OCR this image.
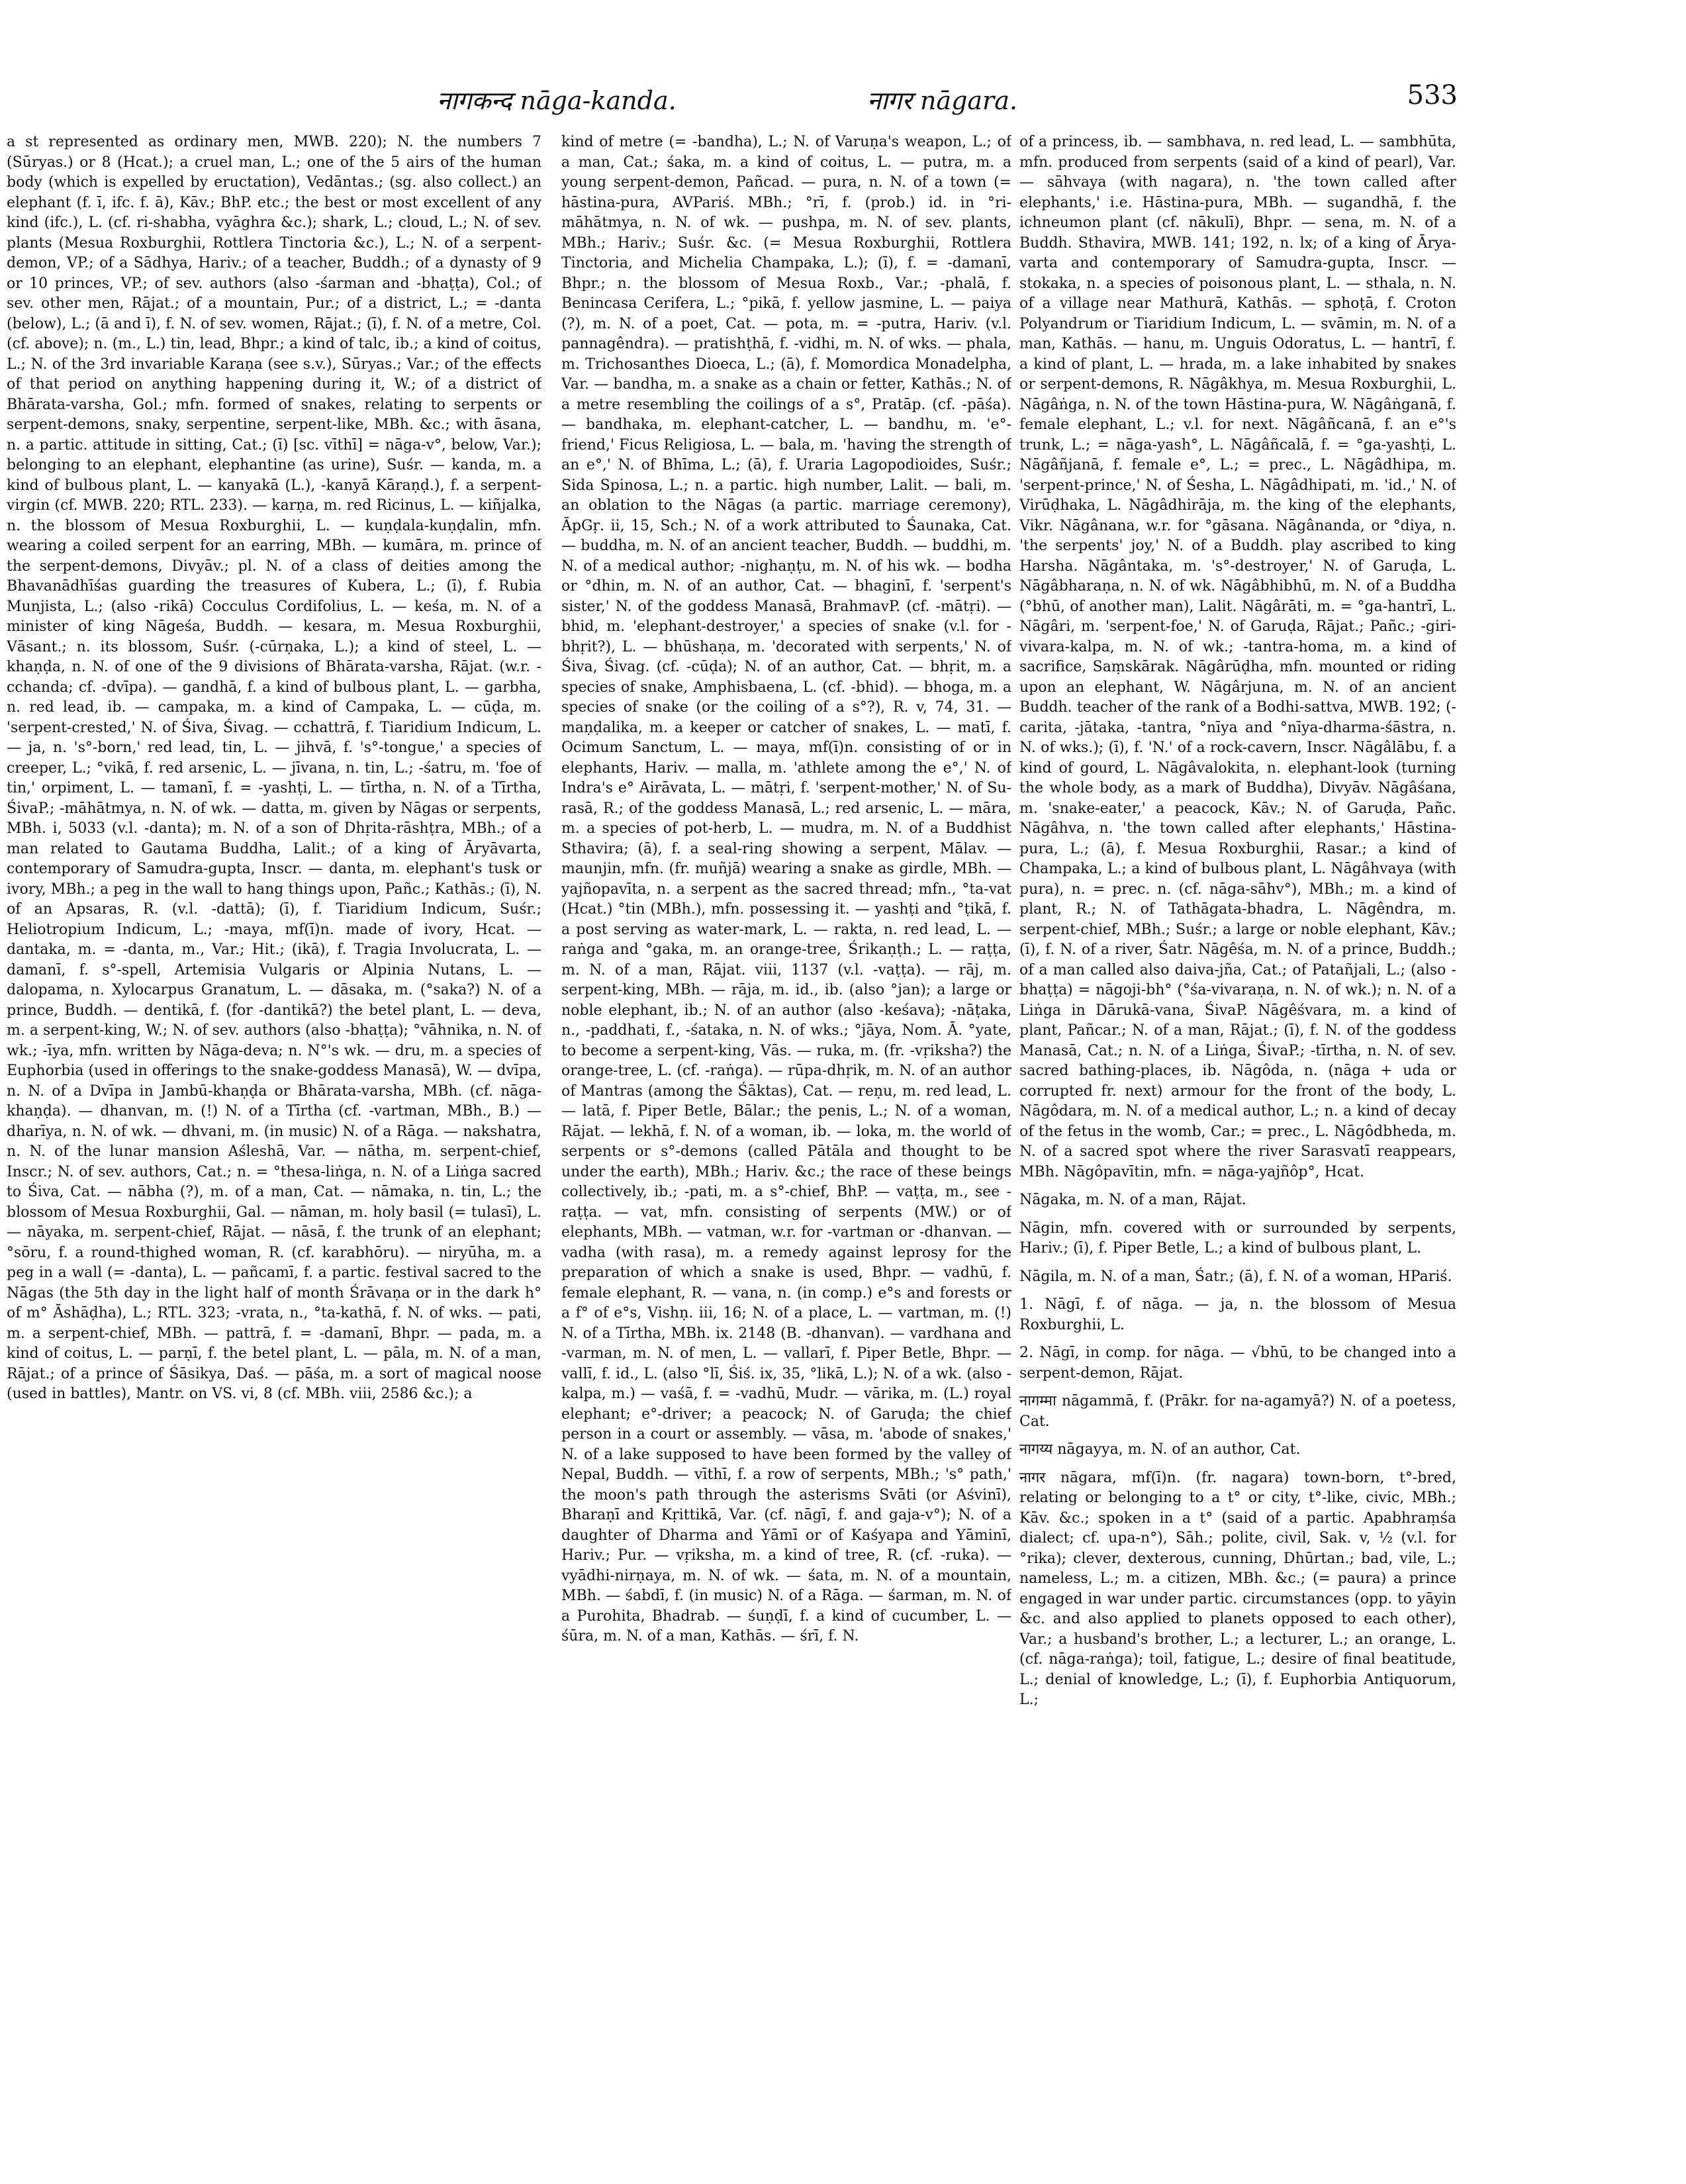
नागकन्द nāga-kanda.	नागर nāgara.	533

a st represented as ordinary men, MWB. 220); N. the numbers 7 (Sūryas.) or 8 (Hcat.); a cruel man, L.; one of the 5 airs of the human body (which is expelled by eructation), Vedāntas.; (sg. also collect.) an elephant (f. ī, ifc. f. ā), Kāv.; BhP. etc.; the best or most excellent of any kind (ifc.), L. (cf. ri-shabha, vyāghra &c.); shark, L.; cloud, L.; N. of sev. plants (Mesua Roxburghii, Rottlera Tinctoria &c.), L.; N. of a serpent-demon, VP.; of a Sādhya, Hariv.; of a teacher, Buddh.; of a dynasty of 9 or 10 princes, VP.; of sev. authors (also -śarman and -bhaṭṭa), Col.; of sev. other men, Rājat.; of a mountain, Pur.; of a district, L.; = -danta (below), L.; (ā and ī), f. N. of sev. women, Rājat.; (ī), f. N. of a metre, Col. (cf. above); n. (m., L.) tin, lead, Bhpr.; a kind of talc, ib.; a kind of coitus, L.; N. of the 3rd invariable Karaṇa (see s.v.), Sūryas.; Var.; of the effects of that period on anything happening during it, W.; of a district of Bhārata-varsha, Gol.; mfn. formed of snakes, relating to serpents or serpent-demons, snaky, serpentine, serpent-like, MBh. &c.; with āsana, n. a partic. attitude in sitting, Cat.; (ī) [sc. vīthī] = nāga-v°, below, Var.); belonging to an elephant, elephantine (as urine), Suśr. — kanda, m. a kind of bulbous plant, L. — kanyakā (L.), -kanyā Kāraṇḍ.), f. a serpent-virgin (cf. MWB. 220; RTL. 233). — karṇa, m. red Ricinus, L. — kiñjalka, n. the blossom of Mesua Roxburghii, L. — kuṇḍala-kuṇḍalin, mfn. wearing a coiled serpent for an earring, MBh. — kumāra, m. prince of the serpent-demons, Divyāv.; pl. N. of a class of deities among the Bhavanādhīśas guarding the treasures of Kubera, L.; (ī), f. Rubia Munjista, L.; (also -rikā) Cocculus Cordifolius, L. — keśa, m. N. of a minister of king Nāgeśa, Buddh. — kesara, m. Mesua Roxburghii, Vāsant.; n. its blossom, Suśr. (-cūrṇaka, L.); a kind of steel, L. — khaṇḍa, n. N. of one of the 9 divisions of Bhārata-varsha, Rājat. (w.r. -cchanda; cf. -dvīpa). — gandhā, f. a kind of bulbous plant, L. — garbha, n. red lead, ib. — campaka, m. a kind of Campaka, L. — cūḍa, m. 'serpent-crested,' N. of Śiva, Śivag. — cchattrā, f. Tiaridium Indicum, L. — ja, n. 's°-born,' red lead, tin, L. — jihvā, f. 's°-tongue,' a species of creeper, L.; °vikā, f. red arsenic, L. — jīvana, n. tin, L.; -śatru, m. 'foe of tin,' orpiment, L. — tamanī, f. = -yashṭi, L. — tīrtha, n. N. of a Tīrtha, ŚivaP.; -māhātmya, n. N. of wk. — datta, m. given by Nāgas or serpents, MBh. i, 5033 (v.l. -danta); m. N. of a son of Dhṛita-rāshṭra, MBh.; of a man related to Gautama Buddha, Lalit.; of a king of Āryāvarta, contemporary of Samudra-gupta, Inscr. — danta, m. elephant's tusk or ivory, MBh.; a peg in the wall to hang things upon, Pañc.; Kathās.; (ī), N. of an Apsaras, R. (v.l. -dattā); (ī), f. Tiaridium Indicum, Suśr.; Heliotropium Indicum, L.; -maya, mf(ī)n. made of ivory, Hcat. — dantaka, m. = -danta, m., Var.; Hit.; (ikā), f. Tragia Involucrata, L. — damanī, f. s°-spell, Artemisia Vulgaris or Alpinia Nutans, L. — dalopama, n. Xylocarpus Granatum, L. — dāsaka, m. (°saka?) N. of a prince, Buddh. — dentikā, f. (for -dantikā?) the betel plant, L. — deva, m. a serpent-king, W.; N. of sev. authors (also -bhaṭṭa); °vāhnika, n. N. of wk.; -īya, mfn. written by Nāga-deva; n. N°'s wk. — dru, m. a species of Euphorbia (used in offerings to the snake-goddess Manasā), W. — dvīpa, n. N. of a Dvīpa in Jambū-khaṇḍa or Bhārata-varsha, MBh. (cf. nāga-khaṇḍa). — dhanvan, m. (!) N. of a Tīrtha (cf. -vartman, MBh., B.) — dharīya, n. N. of wk. — dhvani, m. (in music) N. of a Rāga. — nakshatra, n. N. of the lunar mansion Aśleshā, Var. — nātha, m. serpent-chief, Inscr.; N. of sev. authors, Cat.; n. = °thesa-liṅga, n. N. of a Liṅga sacred to Śiva, Cat. — nābha (?), m. of a man, Cat. — nāmaka, n. tin, L.; the blossom of Mesua Roxburghii, Gal. — nāman, m. holy basil (= tulasī), L. — nāyaka, m. serpent-chief, Rājat. — nāsā, f. the trunk of an elephant; °sōru, f. a round-thighed woman, R. (cf. karabhōru). — niryūha, m. a peg in a wall (= -danta), L. — pañcamī, f. a partic. festival sacred to the Nāgas (the 5th day in the light half of month Śrāvaṇa or in the dark h° of m° Āshāḍha), L.; RTL. 323; -vrata, n., °ta-kathā, f. N. of wks. — pati, m. a serpent-chief, MBh. — pattrā, f. = -damanī, Bhpr. — pada, m. a kind of coitus, L. — parṇī, f. the betel plant, L. — pāla, m. N. of a man, Rājat.; of a prince of Śāsikya, Daś. — pāśa, m. a sort of magical noose (used in battles), Mantr. on VS. vi, 8 (cf. MBh. viii, 2586 &c.); a

kind of metre (= -bandha), L.; N. of Varuṇa's weapon, L.; of a man, Cat.; śaka, m. a kind of coitus, L. — putra, m. a young serpent-demon, Pañcad. — pura, n. N. of a town (= hāstina-pura, AVPariś. MBh.; °rī, f. (prob.) id. in °ri-māhātmya, n. N. of wk. — pushpa, m. N. of sev. plants, MBh.; Hariv.; Suśr. &c. (= Mesua Roxburghii, Rottlera Tinctoria, and Michelia Champaka, L.); (ī), f. = -damanī, Bhpr.; n. the blossom of Mesua Roxb., Var.; -phalā, f. Benincasa Cerifera, L.; °pikā, f. yellow jasmine, L. — paiya (?), m. N. of a poet, Cat. — pota, m. = -putra, Hariv. (v.l. pannagêndra). — pratishṭhā, f. -vidhi, m. N. of wks. — phala, m. Trichosanthes Dioeca, L.; (ā), f. Momordica Monadelpha, Var. — bandha, m. a snake as a chain or fetter, Kathās.; N. of a metre resembling the coilings of a s°, Pratāp. (cf. -pāśa). — bandhaka, m. elephant-catcher, L. — bandhu, m. 'e°-friend,' Ficus Religiosa, L. — bala, m. 'having the strength of an e°,' N. of Bhīma, L.; (ā), f. Uraria Lagopodioides, Suśr.; Sida Spinosa, L.; n. a partic. high number, Lalit. — bali, m. an oblation to the Nāgas (a partic. marriage ceremony), ĀpGṛ. ii, 15, Sch.; N. of a work attributed to Śaunaka, Cat. — buddha, m. N. of an ancient teacher, Buddh. — buddhi, m. N. of a medical author; -nighaṇṭu, m. N. of his wk. — bodha or °dhin, m. N. of an author, Cat. — bhaginī, f. 'serpent's sister,' N. of the goddess Manasā, BrahmavP. (cf. -mātṛi). — bhid, m. 'elephant-destroyer,' a species of snake (v.l. for -bhṛit?), L. — bhūshaṇa, m. 'decorated with serpents,' N. of Śiva, Śivag. (cf. -cūḍa); N. of an author, Cat. — bhṛit, m. a species of snake, Amphisbaena, L. (cf. -bhid). — bhoga, m. a species of snake (or the coiling of a s°?), R. v, 74, 31. — maṇḍalika, m. a keeper or catcher of snakes, L. — matī, f. Ocimum Sanctum, L. — maya, mf(ī)n. consisting of or in elephants, Hariv. — malla, m. 'athlete among the e°,' N. of Indra's e° Airāvata, L. — mātṛi, f. 'serpent-mother,' N. of Su-rasā, R.; of the goddess Manasā, L.; red arsenic, L. — māra, m. a species of pot-herb, L. — mudra, m. N. of a Buddhist Sthavira; (ā), f. a seal-ring showing a serpent, Mālav. — maunjin, mfn. (fr. muñjā) wearing a snake as girdle, MBh. — yajñopavīta, n. a serpent as the sacred thread; mfn., °ta-vat (Hcat.) °tin (MBh.), mfn. possessing it. — yashṭi and °ṭikā, f. a post serving as water-mark, L. — rakta, n. red lead, L. — raṅga and °gaka, m. an orange-tree, Śrikaṇṭh.; L. — raṭṭa, m. N. of a man, Rājat. viii, 1137 (v.l. -vaṭṭa). — rāj, m. serpent-king, MBh. — rāja, m. id., ib. (also °jan); a large or noble elephant, ib.; N. of an author (also -keśava); -nāṭaka, n., -paddhati, f., -śataka, n. N. of wks.; °jāya, Nom. Ā. °yate, to become a serpent-king, Vās. — ruka, m. (fr. -vṛiksha?) the orange-tree, L. (cf. -raṅga). — rūpa-dhṛik, m. N. of an author of Mantras (among the Śāktas), Cat. — reṇu, m. red lead, L. — latā, f. Piper Betle, Bālar.; the penis, L.; N. of a woman, Rājat. — lekhā, f. N. of a woman, ib. — loka, m. the world of serpents or s°-demons (called Pātāla and thought to be under the earth), MBh.; Hariv. &c.; the race of these beings collectively, ib.; -pati, m. a s°-chief, BhP. — vaṭṭa, m., see -raṭṭa. — vat, mfn. consisting of serpents (MW.) or of elephants, MBh. — vatman, w.r. for -vartman or -dhanvan. — vadha (with rasa), m. a remedy against leprosy for the preparation of which a snake is used, Bhpr. — vadhū, f. female elephant, R. — vana, n. (in comp.) e°s and forests or a f° of e°s, Vishṇ. iii, 16; N. of a place, L. — vartman, m. (!) N. of a Tīrtha, MBh. ix. 2148 (B. -dhanvan). — vardhana and -varman, m. N. of men, L. — vallarī, f. Piper Betle, Bhpr. — vallī, f. id., L. (also °lī, Śiś. ix, 35, °likā, L.); N. of a wk. (also -kalpa, m.) — vaśā, f. = -vadhū, Mudr. — vārika, m. (L.) royal elephant; e°-driver; a peacock; N. of Garuḍa; the chief person in a court or assembly. — vāsa, m. 'abode of snakes,' N. of a lake supposed to have been formed by the valley of Nepal, Buddh. — vīthī, f. a row of serpents, MBh.; 's° path,' the moon's path through the asterisms Svāti (or Aśvinī), Bharaṇī and Kṛittikā, Var. (cf. nāgī, f. and gaja-v°); N. of a daughter of Dharma and Yāmī or of Kaśyapa and Yāminī, Hariv.; Pur. — vṛiksha, m. a kind of tree, R. (cf. -ruka). — vyādhi-nirṇaya, m. N. of wk. — śata, m. N. of a mountain, MBh. — śabdī, f. (in music) N. of a Rāga. — śarman, m. N. of a Purohita, Bhadrab. — śuṇḍī, f. a kind of cucumber, L. — śūra, m. N. of a man, Kathās. — śrī, f. N.

of a princess, ib. — sambhava, n. red lead, L. — sambhūta, mfn. produced from serpents (said of a kind of pearl), Var. — sāhvaya (with nagara), n. 'the town called after elephants,' i.e. Hāstina-pura, MBh. — sugandhā, f. the ichneumon plant (cf. nākulī), Bhpr. — sena, m. N. of a Buddh. Sthavira, MWB. 141; 192, n. lx; of a king of Ārya-varta and contemporary of Samudra-gupta, Inscr. — stokaka, n. a species of poisonous plant, L. — sthala, n. N. of a village near Mathurā, Kathās. — sphoṭā, f. Croton Polyandrum or Tiaridium Indicum, L. — svāmin, m. N. of a man, Kathās. — hanu, m. Unguis Odoratus, L. — hantrī, f. a kind of plant, L. — hrada, m. a lake inhabited by snakes or serpent-demons, R. Nāgâkhya, m. Mesua Roxburghii, L. Nāgâṅga, n. N. of the town Hāstina-pura, W. Nāgâṅganā, f. female elephant, L.; v.l. for next. Nāgâñcanā, f. an e°'s trunk, L.; = nāga-yash°, L. Nāgâñcalā, f. = °ga-yashṭi, L. Nāgâñjanā, f. female e°, L.; = prec., L. Nāgâdhipa, m. 'serpent-prince,' N. of Śesha, L. Nāgâdhipati, m. 'id.,' N. of Virūḍhaka, L. Nāgâdhirāja, m. the king of the elephants, Vikr. Nāgânana, w.r. for °gāsana. Nāgânanda, or °diya, n. 'the serpents' joy,' N. of a Buddh. play ascribed to king Harsha. Nāgântaka, m. 's°-destroyer,' N. of Garuḍa, L. Nāgâbharaṇa, n. N. of wk. Nāgâbhibhū, m. N. of a Buddha (°bhū, of another man), Lalit. Nāgârāti, m. = °ga-hantrī, L. Nāgâri, m. 'serpent-foe,' N. of Garuḍa, Rājat.; Pañc.; -giri-vivara-kalpa, m. N. of wk.; -tantra-homa, m. a kind of sacrifice, Saṃskārak. Nāgârūḍha, mfn. mounted or riding upon an elephant, W. Nāgârjuna, m. N. of an ancient Buddh. teacher of the rank of a Bodhi-sattva, MWB. 192; (-carita, -jātaka, -tantra, °nīya and °nīya-dharma-śāstra, n. N. of wks.); (ī), f. 'N.' of a rock-cavern, Inscr. Nāgâlābu, f. a kind of gourd, L. Nāgâvalokita, n. elephant-look (turning the whole body, as a mark of Buddha), Divyāv. Nāgâśana, m. 'snake-eater,' a peacock, Kāv.; N. of Garuḍa, Pañc. Nāgâhva, n. 'the town called after elephants,' Hāstina-pura, L.; (ā), f. Mesua Roxburghii, Rasar.; a kind of Champaka, L.; a kind of bulbous plant, L. Nāgâhvaya (with pura), n. = prec. n. (cf. nāga-sāhv°), MBh.; m. a kind of plant, R.; N. of Tathāgata-bhadra, L. Nāgêndra, m. serpent-chief, MBh.; Suśr.; a large or noble elephant, Kāv.; (ī), f. N. of a river, Śatr. Nāgêśa, m. N. of a prince, Buddh.; of a man called also daiva-jña, Cat.; of Patañjali, L.; (also -bhaṭṭa) = nāgoji-bh° (°śa-vivaraṇa, n. N. of wk.); n. N. of a Liṅga in Dārukā-vana, ŚivaP. Nāgêśvara, m. a kind of plant, Pañcar.; N. of a man, Rājat.; (ī), f. N. of the goddess Manasā, Cat.; n. N. of a Liṅga, ŚivaP.; -tīrtha, n. N. of sev. sacred bathing-places, ib. Nāgôda, n. (nāga + uda or corrupted fr. next) armour for the front of the body, L. Nāgôdara, m. N. of a medical author, L.; n. a kind of decay of the fetus in the womb, Car.; = prec., L. Nāgôdbheda, m. N. of a sacred spot where the river Sarasvatī reappears, MBh. Nāgôpavītin, mfn. = nāga-yajñôp°, Hcat.

Nāgaka, m. N. of a man, Rājat.

Nāgin, mfn. covered with or surrounded by serpents, Hariv.; (ī), f. Piper Betle, L.; a kind of bulbous plant, L.

Nāgila, m. N. of a man, Śatr.; (ā), f. N. of a woman, HPariś.

1. Nāgī, f. of nāga. — ja, n. the blossom of Mesua Roxburghii, L.

2. Nāgī, in comp. for nāga. — √bhū, to be changed into a serpent-demon, Rājat.

नागम्मा nāgammā, f. (Prākr. for na-agamyā?) N. of a poetess, Cat.

नागय्य nāgayya, m. N. of an author, Cat.

नागर nāgara, mf(ī)n. (fr. nagara) town-born, t°-bred, relating or belonging to a t° or city, t°-like, civic, MBh.; Kāv. &c.; spoken in a t° (said of a partic. Apabhraṃśa dialect; cf. upa-n°), Sāh.; polite, civil, Sak. v, ½ (v.l. for °rika); clever, dexterous, cunning, Dhūrtan.; bad, vile, L.; nameless, L.; m. a citizen, MBh. &c.; (= paura) a prince engaged in war under partic. circumstances (opp. to yāyin &c. and also applied to planets opposed to each other), Var.; a husband's brother, L.; a lecturer, L.; an orange, L. (cf. nāga-raṅga); toil, fatigue, L.; desire of final beatitude, L.; denial of knowledge, L.; (ī), f. Euphorbia Antiquorum, L.;
